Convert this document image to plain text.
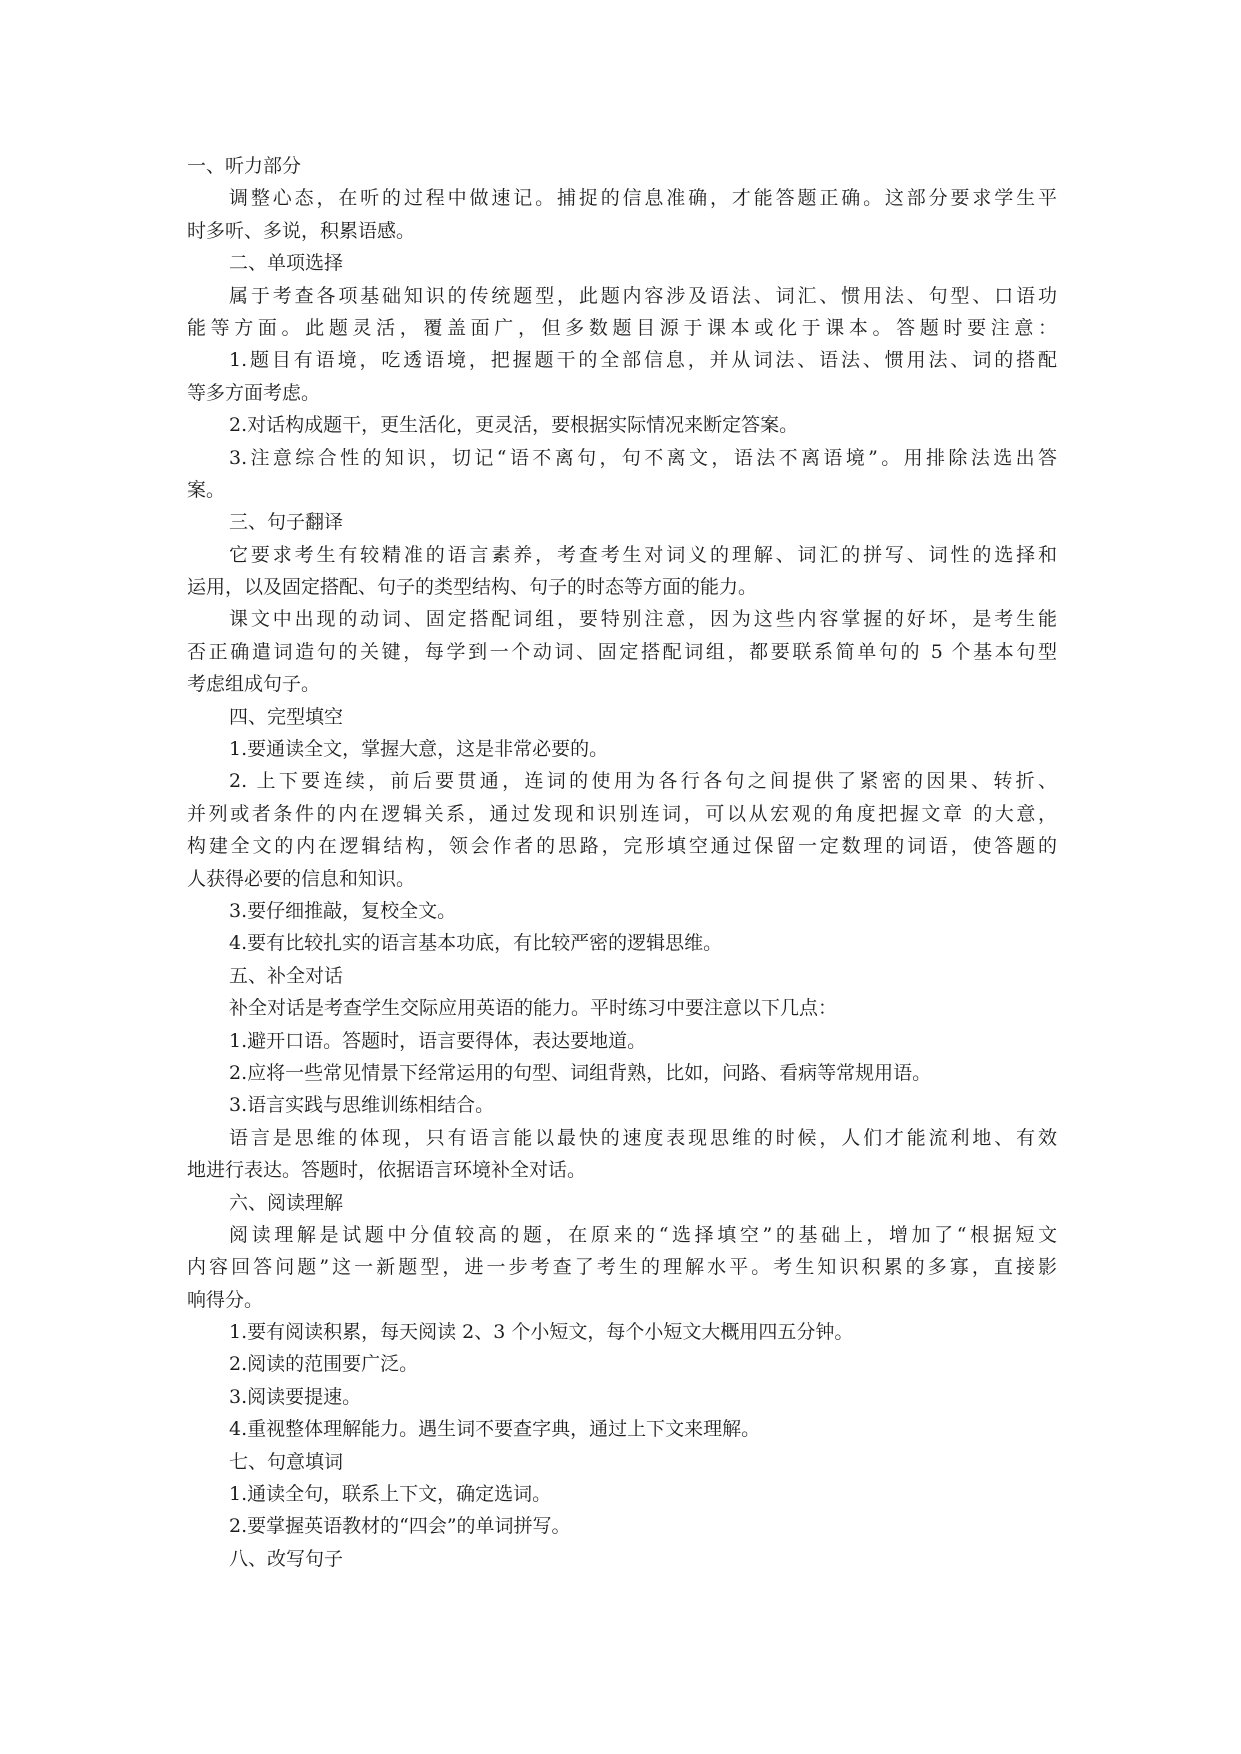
一、听力部分
调整心态，在听的过程中做速记。捕捉的信息准确，才能答题正确。这部分要求学生平
时多听、多说，积累语感。
二、单项选择
属于考查各项基础知识的传统题型，此题内容涉及语法、词汇、惯用法、句型、口语功
能等方面。此题灵活，覆盖面广，但多数题目源于课本或化于课本。答题时要注意：
1.题目有语境，吃透语境，把握题干的全部信息，并从词法、语法、惯用法、词的搭配
等多方面考虑。
2.对话构成题干，更生活化，更灵活，要根据实际情况来断定答案。
3.注意综合性的知识，切记“语不离句，句不离文，语法不离语境”。用排除法选出答
案。
三、句子翻译
它要求考生有较精准的语言素养，考查考生对词义的理解、词汇的拼写、词性的选择和
运用，以及固定搭配、句子的类型结构、句子的时态等方面的能力。
课文中出现的动词、固定搭配词组，要特别注意，因为这些内容掌握的好坏，是考生能
否正确遣词造句的关键，每学到一个动词、固定搭配词组，都要联系简单句的 5 个基本句型
考虑组成句子。
四、完型填空
1.要通读全文，掌握大意，这是非常必要的。
2. 上下要连续，前后要贯通，连词的使用为各行各句之间提供了紧密的因果、转折、
并列或者条件的内在逻辑关系，通过发现和识别连词，可以从宏观的角度把握文章 的大意，
构建全文的内在逻辑结构，领会作者的思路，完形填空通过保留一定数理的词语，使答题的
人获得必要的信息和知识。
3.要仔细推敲，复校全文。
4.要有比较扎实的语言基本功底，有比较严密的逻辑思维。
五、补全对话
补全对话是考查学生交际应用英语的能力。平时练习中要注意以下几点：
1.避开口语。答题时，语言要得体，表达要地道。
2.应将一些常见情景下经常运用的句型、词组背熟，比如，问路、看病等常规用语。
3.语言实践与思维训练相结合。
语言是思维的体现，只有语言能以最快的速度表现思维的时候，人们才能流利地、有效
地进行表达。答题时，依据语言环境补全对话。
六、阅读理解
阅读理解是试题中分值较高的题，在原来的“选择填空”的基础上，增加了“根据短文
内容回答问题”这一新题型，进一步考查了考生的理解水平。考生知识积累的多寡，直接影
响得分。
1.要有阅读积累，每天阅读 2、3 个小短文，每个小短文大概用四五分钟。
2.阅读的范围要广泛。
3.阅读要提速。
4.重视整体理解能力。遇生词不要查字典，通过上下文来理解。
七、句意填词
1.通读全句，联系上下文，确定选词。
2.要掌握英语教材的“四会”的单词拼写。
八、改写句子
